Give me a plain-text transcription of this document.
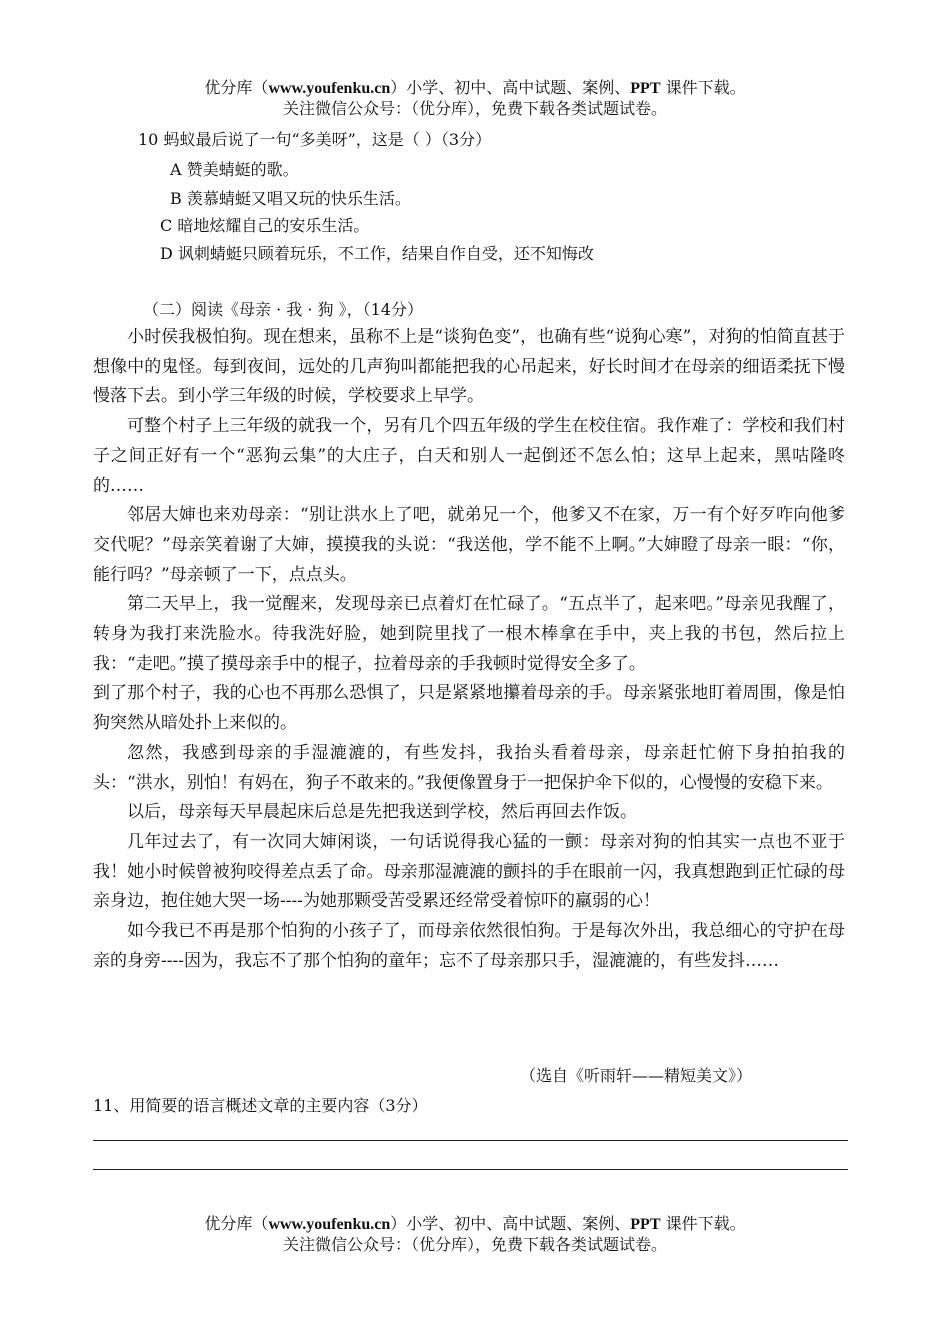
优分库（www.youfenku.cn）小学、初中、高中试题、案例、PPT 课件下载。
关注微信公众号：（优分库），免费下载各类试题试卷。
10 蚂蚁最后说了一句“多美呀”，这是（ ）（3分）
A 赞美蜻蜓的歌。
B 羡慕蜻蜓又唱又玩的快乐生活。
C 暗地炫耀自己的安乐生活。
D 讽刺蜻蜓只顾着玩乐，不工作，结果自作自受，还不知悔改
（二）阅读《母亲 · 我 · 狗 》，（14分）

小时侯我极怕狗。现在想来，虽称不上是“谈狗色变”，也确有些“说狗心寒”，对狗的怕简直甚于想像中的鬼怪。每到夜间，远处的几声狗叫都能把我的心吊起来，好长时间才在母亲的细语柔抚下慢慢落下去。到小学三年级的时候，学校要求上早学。

可整个村子上三年级的就我一个，另有几个四五年级的学生在校住宿。我作难了：学校和我们村子之间正好有一个“恶狗云集”的大庄子，白天和别人一起倒还不怎么怕；这早上起来，黑咕隆咚的……

邻居大婶也来劝母亲：“别让洪水上了吧，就弟兄一个，他爹又不在家，万一有个好歹咋向他爹交代呢？”母亲笑着谢了大婶，摸摸我的头说：“我送他，学不能不上啊。”大婶瞪了母亲一眼：“你，能行吗？”母亲顿了一下，点点头。

第二天早上，我一觉醒来，发现母亲已点着灯在忙碌了。“五点半了，起来吧。”母亲见我醒了，转身为我打来洗脸水。待我洗好脸，她到院里找了一根木棒拿在手中，夹上我的书包，然后拉上我：“走吧。”摸了摸母亲手中的棍子，拉着母亲的手我顿时觉得安全多了。

到了那个村子，我的心也不再那么恐惧了，只是紧紧地攥着母亲的手。母亲紧张地盯着周围，像是怕狗突然从暗处扑上来似的。

忽然，我感到母亲的手湿漉漉的，有些发抖，我抬头看着母亲，母亲赶忙俯下身拍拍我的头：“洪水，别怕！有妈在，狗子不敢来的。”我便像置身于一把保护伞下似的，心慢慢的安稳下来。

以后，母亲每天早晨起床后总是先把我送到学校，然后再回去作饭。

几年过去了，有一次同大婶闲谈，一句话说得我心猛的一颤：母亲对狗的怕其实一点也不亚于我！她小时候曾被狗咬得差点丢了命。母亲那湿漉漉的颤抖的手在眼前一闪，我真想跑到正忙碌的母亲身边，抱住她大哭一场----为她那颗受苦受累还经常受着惊吓的羸弱的心！

如今我已不再是那个怕狗的小孩子了，而母亲依然很怕狗。于是每次外出，我总细心的守护在母亲的身旁----因为，我忘不了那个怕狗的童年；忘不了母亲那只手，湿漉漉的，有些发抖……

（选自《听雨轩——精短美文》）
11、用简要的语言概述文章的主要内容（3分）
优分库（www.youfenku.cn）小学、初中、高中试题、案例、PPT 课件下载。
关注微信公众号：（优分库），免费下载各类试题试卷。
